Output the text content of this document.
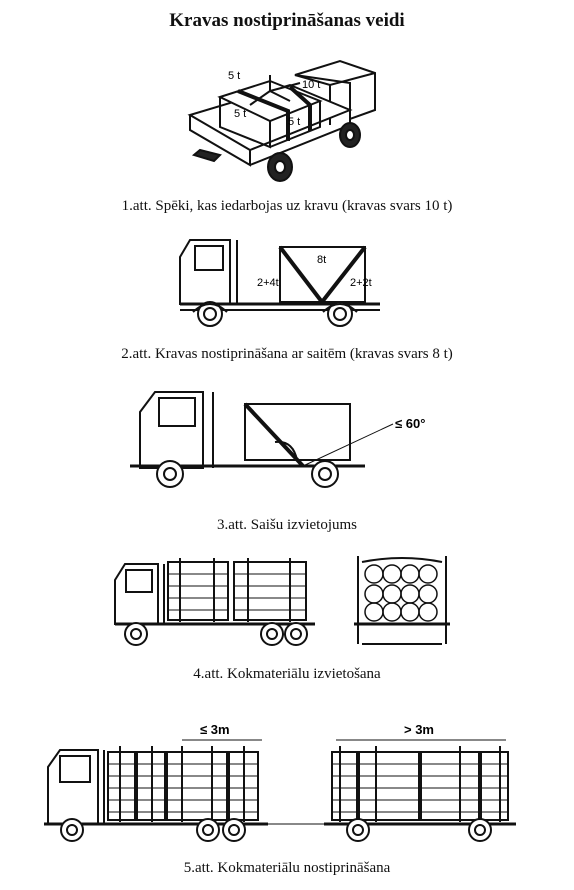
Kravas nostiprināšanas veidi
5 t
10 t
5 t
5 t
1.att. Spēki, kas iedarbojas uz kravu (kravas svars 10 t)
8t
2+4t	2+2t
2.att. Kravas nostiprināšana ar saitēm (kravas svars 8 t)
≤ 60°
3.att. Saišu izvietojums
4.att. Kokmateriālu izvietošana
≤ 3m	> 3m
5.att. Kokmateriālu nostiprināšana
